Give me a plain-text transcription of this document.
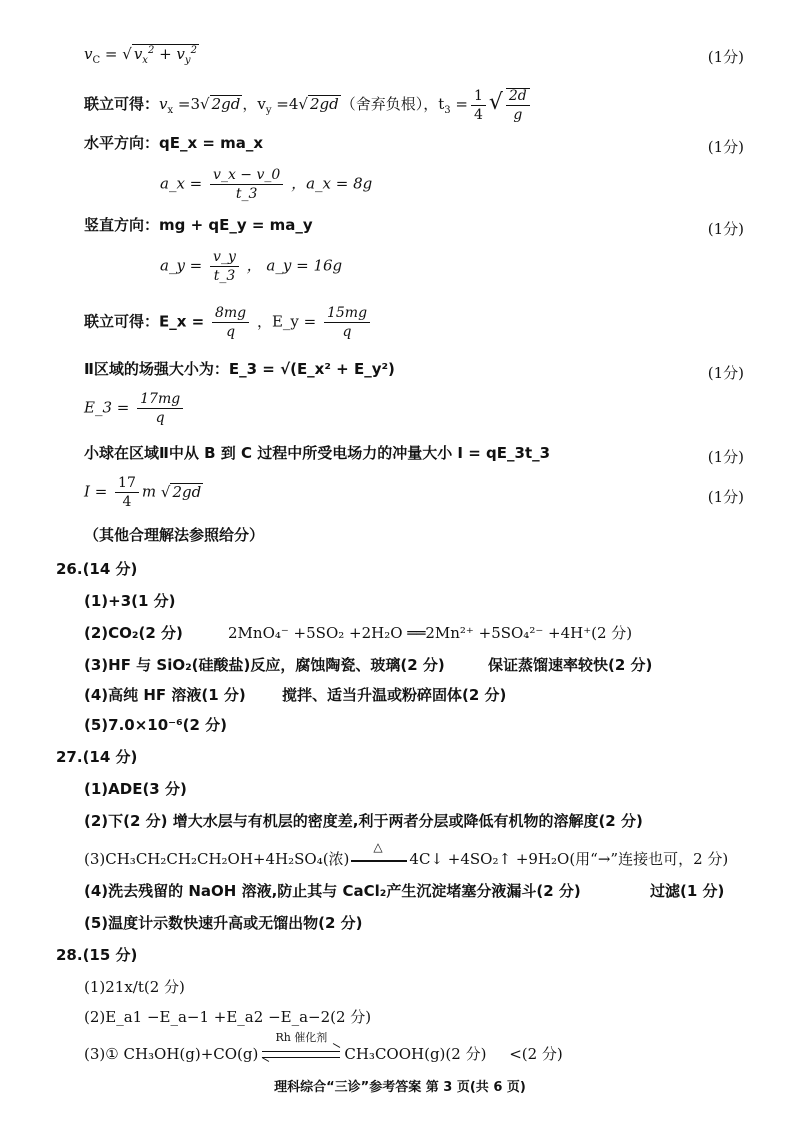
$v_C$ = √ $v_x^2 + v_y^2$	(1分)
联立可得：$v_x =3√$ 2gd ，$v_y =4√$ 2gd （舍弃负根），$t_3 = \frac{1}{4}$ √ $\frac{2d}{g}$
水平方向：qE_x = ma_x	(1分)
a_x = $\frac{v\_x - v\_0}{t\_3}$ ，a_x = 8g
竖直方向：mg + qE_y = ma_y	(1分)
a_y = $\frac{v\_y}{t\_3}$ ， a_y = 16g
联立可得：E_x = $\frac{8mg}{q}$ ，E_y = $\frac{15mg}{q}$
Ⅱ区域的场强大小为：E_3 = √(E_x² + E_y²)	(1分)
E_3 = $\frac{17mg}{q}$
小球在区域Ⅱ中从 B 到 C 过程中所受电场力的冲量大小 I = qE_3t_3	(1分)
$I = \frac{17}{4}$ m √ 2gd	(1分)
（其他合理解法参照给分）
26.(14 分)
(1)+3(1 分)
(2)CO₂(2 分)	2MnO₄⁻ +5SO₂ +2H₂O ══2Mn²⁺ +5SO₄²⁻ +4H⁺(2 分)
(3)HF 与 SiO₂(硅酸盐)反应，腐蚀陶瓷、玻璃(2 分)	保证蒸馏速率较快(2 分)
(4)高纯 HF 溶液(1 分) 搅拌、适当升温或粉碎固体(2 分)
(5)7.0×10⁻⁶(2 分)
27.(14 分)
(1)ADE(3 分)
(2)下(2 分) 增大水层与有机层的密度差,利于两者分层或降低有机物的溶解度(2 分)
(3)CH₃CH₂CH₂CH₂OH+4H₂SO₄(浓)
△
4C↓ +4SO₂↑ +9H₂O(用“→”连接也可，2 分)
(4)洗去残留的 NaOH 溶液,防止其与 CaCl₂产生沉淀堵塞分液漏斗(2 分)	过滤(1 分)
(5)温度计示数快速升高或无馏出物(2 分)
28.(15 分)
(1)21x/t(2 分)
(2)E_a1 −E_a−1 +E_a2 −E_a−2(2 分)
(3)① CH₃OH(g)+CO(g)
Rh 催化剂
CH₃COOH(g)(2 分) <(2 分)
理科综合“三诊”参考答案 第 3 页(共 6 页)
